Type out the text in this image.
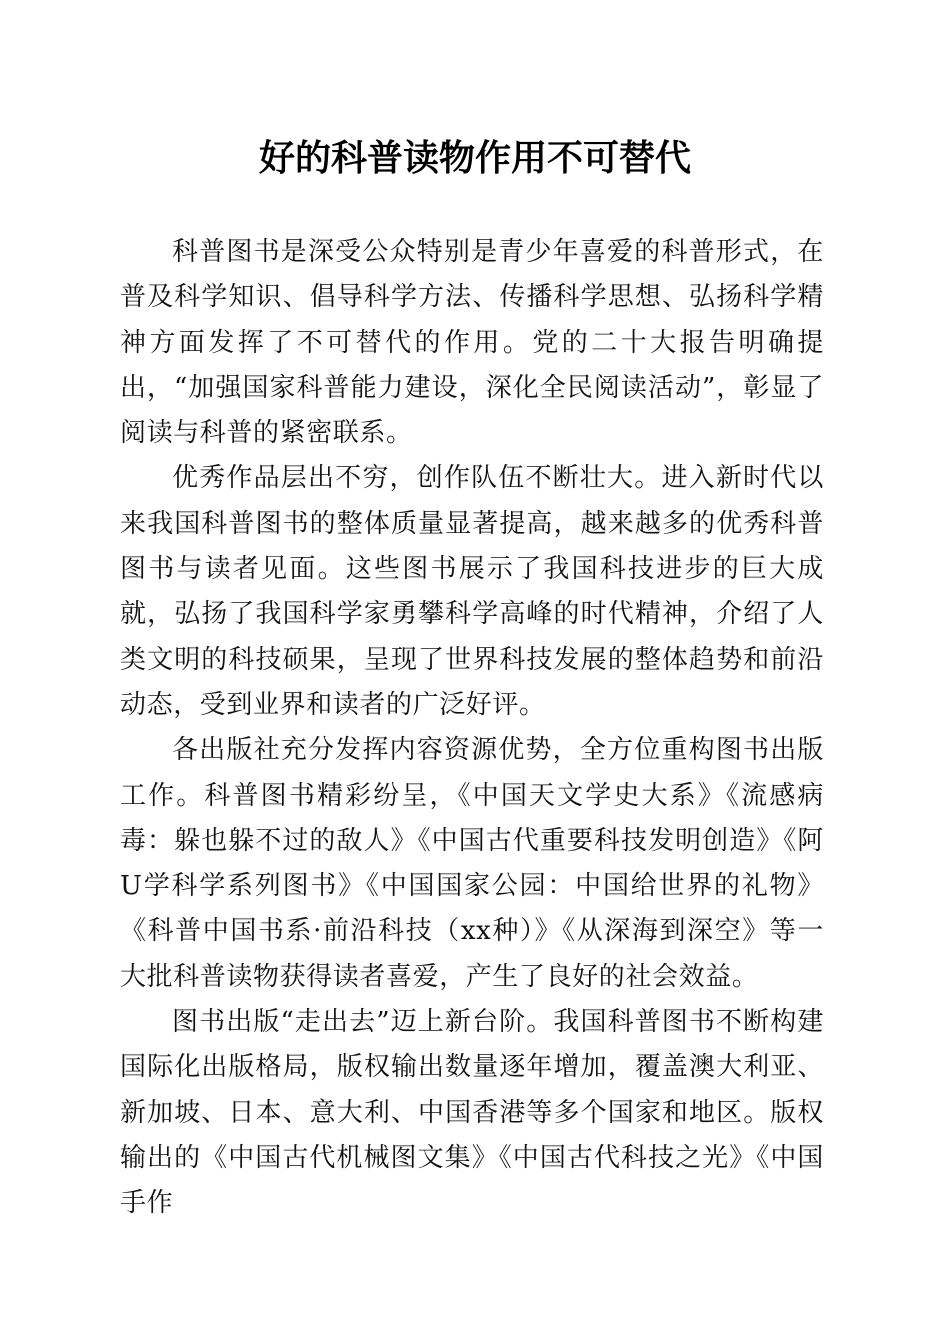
好的科普读物作用不可替代

科普图书是深受公众特别是青少年喜爱的科普形式，在普及科学知识、倡导科学方法、传播科学思想、弘扬科学精神方面发挥了不可替代的作用。党的二十大报告明确提出，“加强国家科普能力建设，深化全民阅读活动”，彰显了阅读与科普的紧密联系。

优秀作品层出不穷，创作队伍不断壮大。进入新时代以来我国科普图书的整体质量显著提高，越来越多的优秀科普图书与读者见面。这些图书展示了我国科技进步的巨大成就，弘扬了我国科学家勇攀科学高峰的时代精神，介绍了人类文明的科技硕果，呈现了世界科技发展的整体趋势和前沿动态，受到业界和读者的广泛好评。

各出版社充分发挥内容资源优势，全方位重构图书出版工作。科普图书精彩纷呈，《中国天文学史大系》《流感病毒：躲也躲不过的敌人》《中国古代重要科技发明创造》《阿U学科学系列图书》《中国国家公园：中国给世界的礼物》《科普中国书系·前沿科技（xx种）》《从深海到深空》等一大批科普读物获得读者喜爱，产生了良好的社会效益。

图书出版“走出去”迈上新台阶。我国科普图书不断构建国际化出版格局，版权输出数量逐年增加，覆盖澳大利亚、新加坡、日本、意大利、中国香港等多个国家和地区。版权输出的《中国古代机械图文集》《中国古代科技之光》《中国手作
